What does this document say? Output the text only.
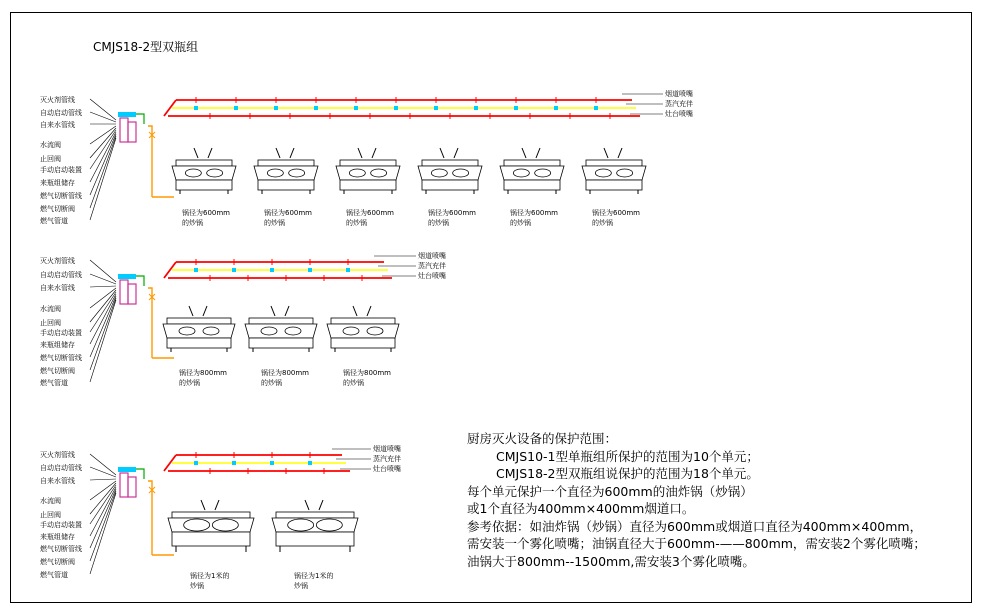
CMJS18-2型双瓶组
灭火剂管线
自动启动管线
自来水管线
水流阀
止回阀
手动启动装置
来瓶组储存
燃气切断管线
燃气切断阀
燃气管道
烟道喷嘴
蒸汽充伴
灶台喷嘴
锅径为600mm
的炒锅
锅径为600mm
的炒锅
锅径为600mm
的炒锅
锅径为600mm
的炒锅
锅径为600mm
的炒锅
锅径为600mm
的炒锅
灭火剂管线
自动启动管线
自来水管线
水流阀
止回阀
手动启动装置
来瓶组储存
燃气切断管线
燃气切断阀
燃气管道
烟道喷嘴
蒸汽充伴
灶台喷嘴
锅径为800mm
的炒锅
锅径为800mm
的炒锅
锅径为800mm
的炒锅
灭火剂管线
自动启动管线
自来水管线
水流阀
止回阀
手动启动装置
来瓶组储存
燃气切断管线
燃气切断阀
燃气管道
烟道喷嘴
蒸汽充伴
灶台喷嘴
锅径为1米的
炒锅
锅径为1米的
炒锅
厨房灭火设备的保护范围：
CMJS10-1型单瓶组所保护的范围为10个单元；
CMJS18-2型双瓶组说保护的范围为18个单元。
每个单元保护一个直径为600mm的油炸锅（炒锅）
或1个直径为400mm×400mm烟道口。
参考依据：如油炸锅（炒锅）直径为600mm或烟道口直径为400mm×400mm，
需安装一个雾化喷嘴；油锅直径大于600mm-——800mm，需安装2个雾化喷嘴；
油锅大于800mm--1500mm,需安装3个雾化喷嘴。
